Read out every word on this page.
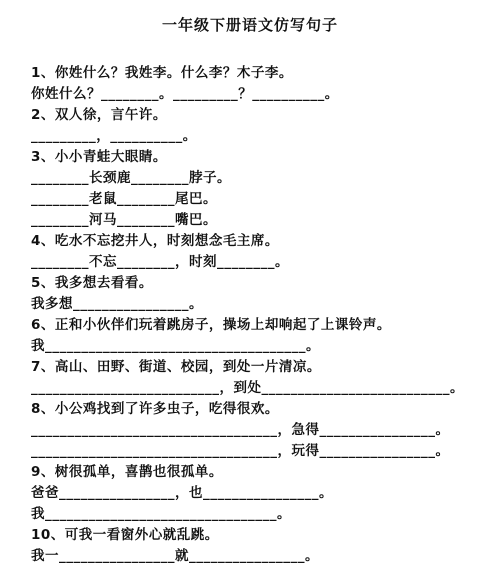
一年级下册语文仿写句子
1、你姓什么？我姓李。什么李？木子李。
你姓什么？________。_________？__________。
2、双人徐，言午许。
_________，__________。
3、小小青蛙大眼睛。
________长颈鹿________脖子。
________老鼠________尾巴。
________河马________嘴巴。
4、吃水不忘挖井人，时刻想念毛主席。
________不忘________，时刻________。
5、我多想去看看。
我多想________________。
6、正和小伙伴们玩着跳房子，操场上却响起了上课铃声。
我____________________________________。
7、高山、田野、街道、校园，到处一片清凉。
__________________________，到处__________________________。
8、小公鸡找到了许多虫子，吃得很欢。
__________________________________，急得________________。
__________________________________，玩得________________。
9、树很孤单，喜鹊也很孤单。
爸爸________________，也________________。
我________________________________。
10、可我一看窗外心就乱跳。
我一________________就________________。
